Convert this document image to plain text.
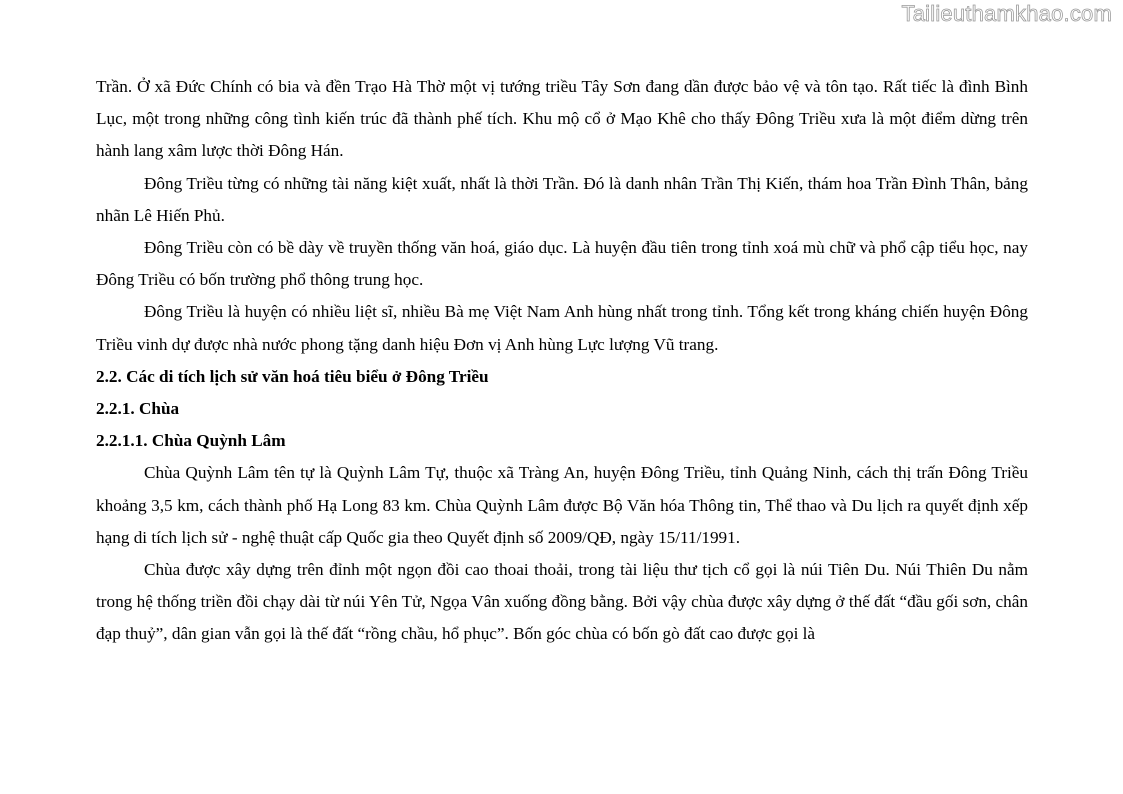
Tailieuthamkhao.com

Trần. Ở xã Đức Chính có bia và đền Trạo Hà Thờ một vị tướng triều Tây Sơn đang dần được bảo vệ và tôn tạo. Rất tiếc là đình Bình Lục, một trong những công tình kiến trúc đã thành phế tích. Khu mộ cổ ở Mạo Khê cho thấy Đông Triều xưa là một điểm dừng trên hành lang xâm lược thời Đông Hán.

Đông Triều từng có những tài năng kiệt xuất, nhất là thời Trần. Đó là danh nhân Trần Thị Kiến, thám hoa Trần Đình Thân, bảng nhãn Lê Hiến Phủ.

Đông Triều còn có bề dày về truyền thống văn hoá, giáo dục. Là huyện đầu tiên trong tỉnh xoá mù chữ và phổ cập tiểu học, nay Đông Triều có bốn trường phổ thông trung học.

Đông Triều là huyện có nhiều liệt sĩ, nhiều Bà mẹ Việt Nam Anh hùng nhất trong tỉnh. Tổng kết trong kháng chiến huyện Đông Triều vinh dự được nhà nước phong tặng danh hiệu Đơn vị Anh hùng Lực lượng Vũ trang.

2.2. Các di tích lịch sử văn hoá tiêu biểu ở Đông Triều

2.2.1. Chùa

2.2.1.1. Chùa Quỳnh Lâm

Chùa Quỳnh Lâm tên tự là Quỳnh Lâm Tự, thuộc xã Tràng An, huyện Đông Triều, tỉnh Quảng Ninh, cách thị trấn Đông Triều khoảng 3,5 km, cách thành phố Hạ Long 83 km. Chùa Quỳnh Lâm được Bộ Văn hóa Thông tin, Thể thao và Du lịch ra quyết định xếp hạng di tích lịch sử - nghệ thuật cấp Quốc gia theo Quyết định số 2009/QĐ, ngày 15/11/1991.

Chùa được xây dựng trên đỉnh một ngọn đồi cao thoai thoải, trong tài liệu thư tịch cổ gọi là núi Tiên Du. Núi Thiên Du nằm trong hệ thống triền đồi chạy dài từ núi Yên Tử, Ngọa Vân xuống đồng bằng. Bởi vậy chùa được xây dựng ở thế đất “đầu gối sơn, chân đạp thuỷ”, dân gian vẫn gọi là thế đất “rồng chầu, hổ phục”. Bốn góc chùa có bốn gò đất cao được gọi là
